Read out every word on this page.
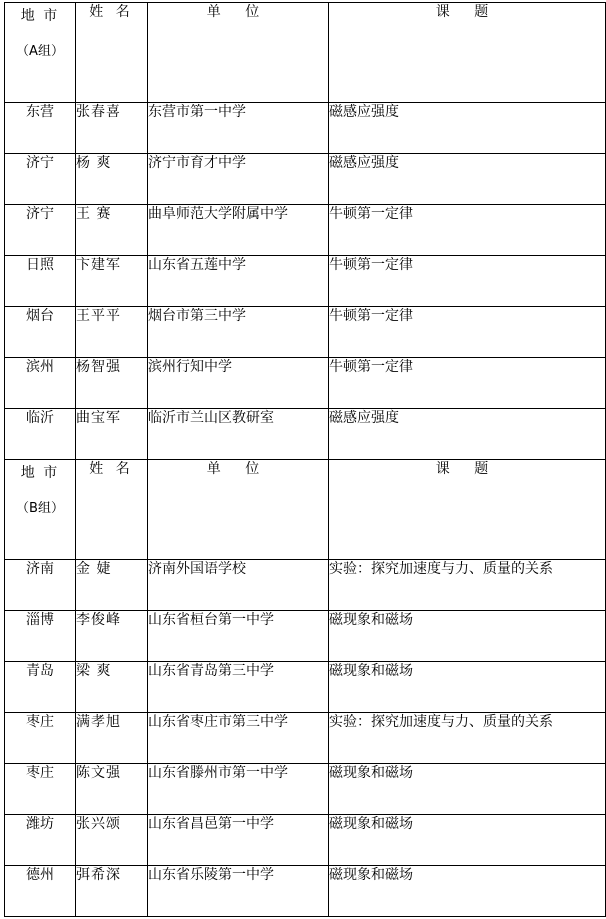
地 市
（A组）	姓 名	单 位	课 题
东营	张春喜	东营市第一中学	磁感应强度
济宁	杨 爽	济宁市育才中学	磁感应强度
济宁	王 赛	曲阜师范大学附属中学	牛顿第一定律
日照	卞建军	山东省五莲中学	牛顿第一定律
烟台	王平平	烟台市第三中学	牛顿第一定律
滨州	杨智强	滨州行知中学	牛顿第一定律
临沂	曲宝军	临沂市兰山区教研室	磁感应强度

地 市
（B组）	姓 名	单 位	课 题
济南	金 婕	济南外国语学校	实验：探究加速度与力、质量的关系
淄博	李俊峰	山东省桓台第一中学	磁现象和磁场
青岛	梁 爽	山东省青岛第三中学	磁现象和磁场
枣庄	满孝旭	山东省枣庄市第三中学	实验：探究加速度与力、质量的关系
枣庄	陈文强	山东省滕州市第一中学	磁现象和磁场
潍坊	张兴颂	山东省昌邑第一中学	磁现象和磁场
德州	弭希深	山东省乐陵第一中学	磁现象和磁场
